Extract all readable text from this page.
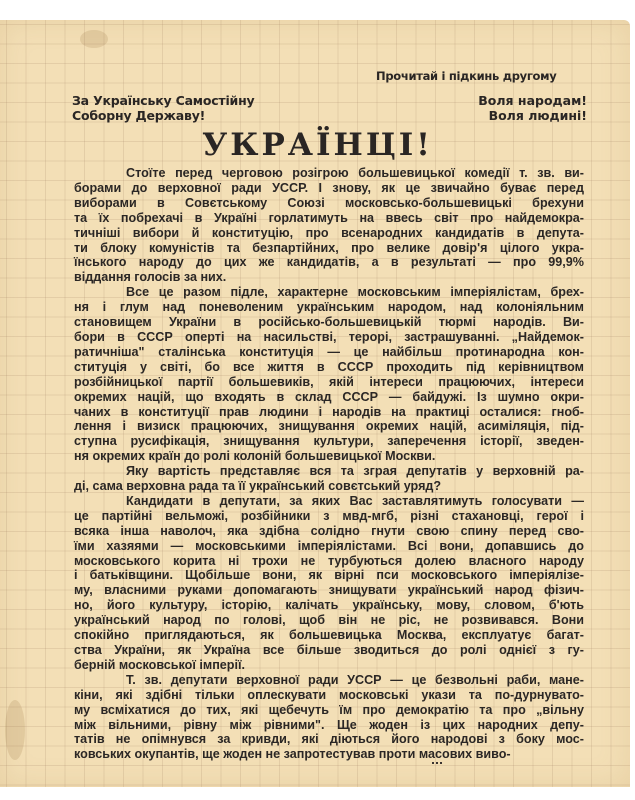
Прочитай і підкинь другому
За Українську Самостійну
Соборну Державу!
Воля народам!
Воля людині!
УКРАЇНЦІ!
Стоїте перед черговою розігрою большевицької комедії т. зв. ви-
борами до верховної ради УССР. І знову, як це звичайно буває перед
виборами в Совєтському Союзі московсько-большевицькі брехуни
та їх побрехачі в Україні горлатимуть на ввесь світ про найдемокра-
тичніші вибори й конституцію, про всенародних кандидатів в депута-
ти блоку комуністів та безпартійних, про велике довір'я цілого укра-
їнського народу до цих же кандидатів, а в результаті — про 99,9%
віддання голосів за них.
Все це разом підле, характерне московським імперіялістам, брех-
ня і глум над поневоленим українським народом, над колоніяльним
становищем України в російсько-большевицькій тюрмі народів. Ви-
бори в СССР оперті на насильстві, терорі, застрашуванні. „Найдемок-
ратичніша" сталінська конституція — це найбільш протинародна кон-
ституція у світі, бо все життя в СССР проходить під керівництвом
розбійницької партії большевиків, якій інтереси працюючих, інтереси
окремих націй, що входять в склад СССР — байдужі. Із шумно окри-
чаних в конституції прав людини і народів на практиці осталися: гноб-
лення і визиск працюючих, знищування окремих націй, асиміляція, під-
ступна русифікація, знищування культури, заперечення історії, зведен-
ня окремих країн до ролі колоній большевицької Москви.
Яку вартість представляє вся та зграя депутатів у верховній ра-
ді, сама верховна рада та її український совєтський уряд?
Кандидати в депутати, за яких Вас заставлятимуть голосувати —
це партійні вельможі, розбійники з мвд-мгб, різні стахановці, герої і
всяка інша наволоч, яка здібна солідно гнути свою спину перед сво-
їми хазяями — московськими імперіялістами. Всі вони, допавшись до
московського корита ні трохи не турбуються долею власного народу
і батьківщини. Щобільше вони, як вірні пси московського імперіялізе-
му, власними руками допомагають знищувати український народ фізич-
но, його культуру, історію, калічать українську, мову, словом, б'ють
український народ по голові, щоб він не ріс, не розвивався. Вони
спокійно приглядаються, як большевицька Москва, експлуатує багат-
ства України, як Україна все більше зводиться до ролі однієї з гу-
берній московської імперії.
Т. зв. депутати верховної ради УССР — це безвольні раби, мане-
кіни, які здібні тільки оплескувати московські укази та по-дурнувато-
му всміхатися до тих, які щебечуть їм про демократію та про „вільну
між вільними, рівну між рівними". Ще жоден із цих народних депу-
татів не опімнувся за кривди, які діються його народові з боку мос-
ковських окупантів, ще жоден не запротестував проти масових виво-
